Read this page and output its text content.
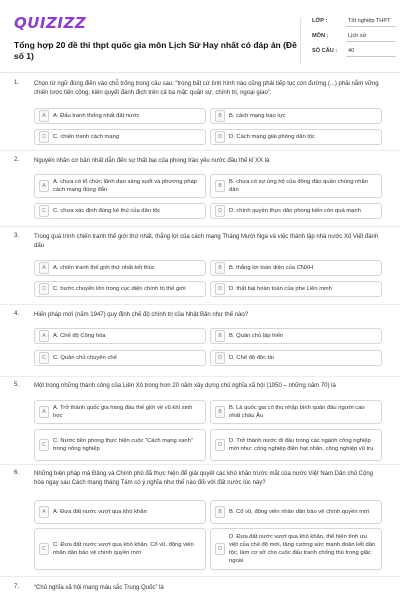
QUIZIZZ
Tổng hợp 20 đề thi thpt quốc gia môn Lịch Sử Hay nhất có đáp án (Đề số 1)
LỚP :	Tốt nghiệp THPT
MÔN :	Lịch sử
SỐ CÂU : 40
1. Chọn từ ngữ đúng điền vào chỗ trống trong câu sau: “trong bất cứ tình hình nào cũng phải tiếp tục con đường (...) phải nắm vững chiến lược tiến công, kiên quyết đánh địch trên cả ba mặt: quân sự, chính trị, ngoại giao”.
A	A. Đấu tranh thống nhất đất nước	B	B. cách mạng bạo lực
C	C. chiến tranh cách mạng	D	D. Cách mạng giải phóng dân tộc
2. Nguyên nhân cơ bản nhất dẫn đến sự thất bại của phong trào yêu nước đầu thế kỉ XX là
A
A. chưa có tổ chức lãnh đạo sáng suốt và phương pháp cách mạng đúng đắn
B
B. chưa có sự ủng hộ của đông đảo quần chúng nhân dân
C	C. chưa xác định đúng kẻ thù của dân tộc	D	D. chính quyền thực dân phong kiến còn quá mạnh
3. Trong quá trình chiến tranh thế giới thứ nhất, thắng lợi của cách mạng Tháng Mười Nga và việc thành lập nhà nước Xô Viết đánh dấu
A	A. chiến tranh thế giới thứ nhất kết thúc	B	B. thắng lợi toàn diện của CNXH
C	C. bước chuyển lớn trong cục diện chính trị thế giới	D	D. thất bại hoàn toàn của phe Liên minh
4. Hiến pháp mới (năm 1947) quy định chế độ chính trị của Nhật Bản như thế nào?
A	A. Chế độ Cộng hòa	B	B. Quân chủ lập hiến
C	C. Quân chủ chuyên chế	D	D. Chế độ độc tài
5. Một trong những thành công của Liên Xô trong hơn 20 năm xây dựng chủ nghĩa xã hội (1950 – những năm 70) là
A
A. Trở thành quốc gia hàng đầu thế giới về vũ khí sinh học
B
B. Là quốc gia có thu nhập bình quân đầu người cao nhất châu Âu
C
C. Nước tiên phong thực hiện cuộc “Cách mạng xanh” trong nông nghiệp
D
D. Trở thành nước đi đầu trong các ngành công nghiệp mới như: công nghiệp điện hạt nhân, công nghiệp vũ trụ
6. Những biện pháp mà Đảng và Chính phủ đã thực hiện để giải quyết các khó khăn trước mắt của nước Việt Nam Dân chủ Cộng hòa ngay sau Cách mạng tháng Tám có ý nghĩa như thế nào đối với đất nước lúc này?
A	A. Đưa đất nước vượt qua khó khăn	B	B. Cổ vũ, động viên nhân dân bảo vệ chính quyền mới
C
C. Đưa đất nước vượt qua khó khăn. Cổ vũ, động viên nhân dân bảo vệ chính quyền mới
D
D. Đưa đất nước vượt qua khó khăn, thể hiện tính ưu việt của chế độ mới, tăng cường sức mạnh đoàn kết dân tộc, làm cơ sở cho cuộc đấu tranh chống thù trong giặc ngoài
7. “Chủ nghĩa xã hội mang màu sắc Trung Quốc” là
